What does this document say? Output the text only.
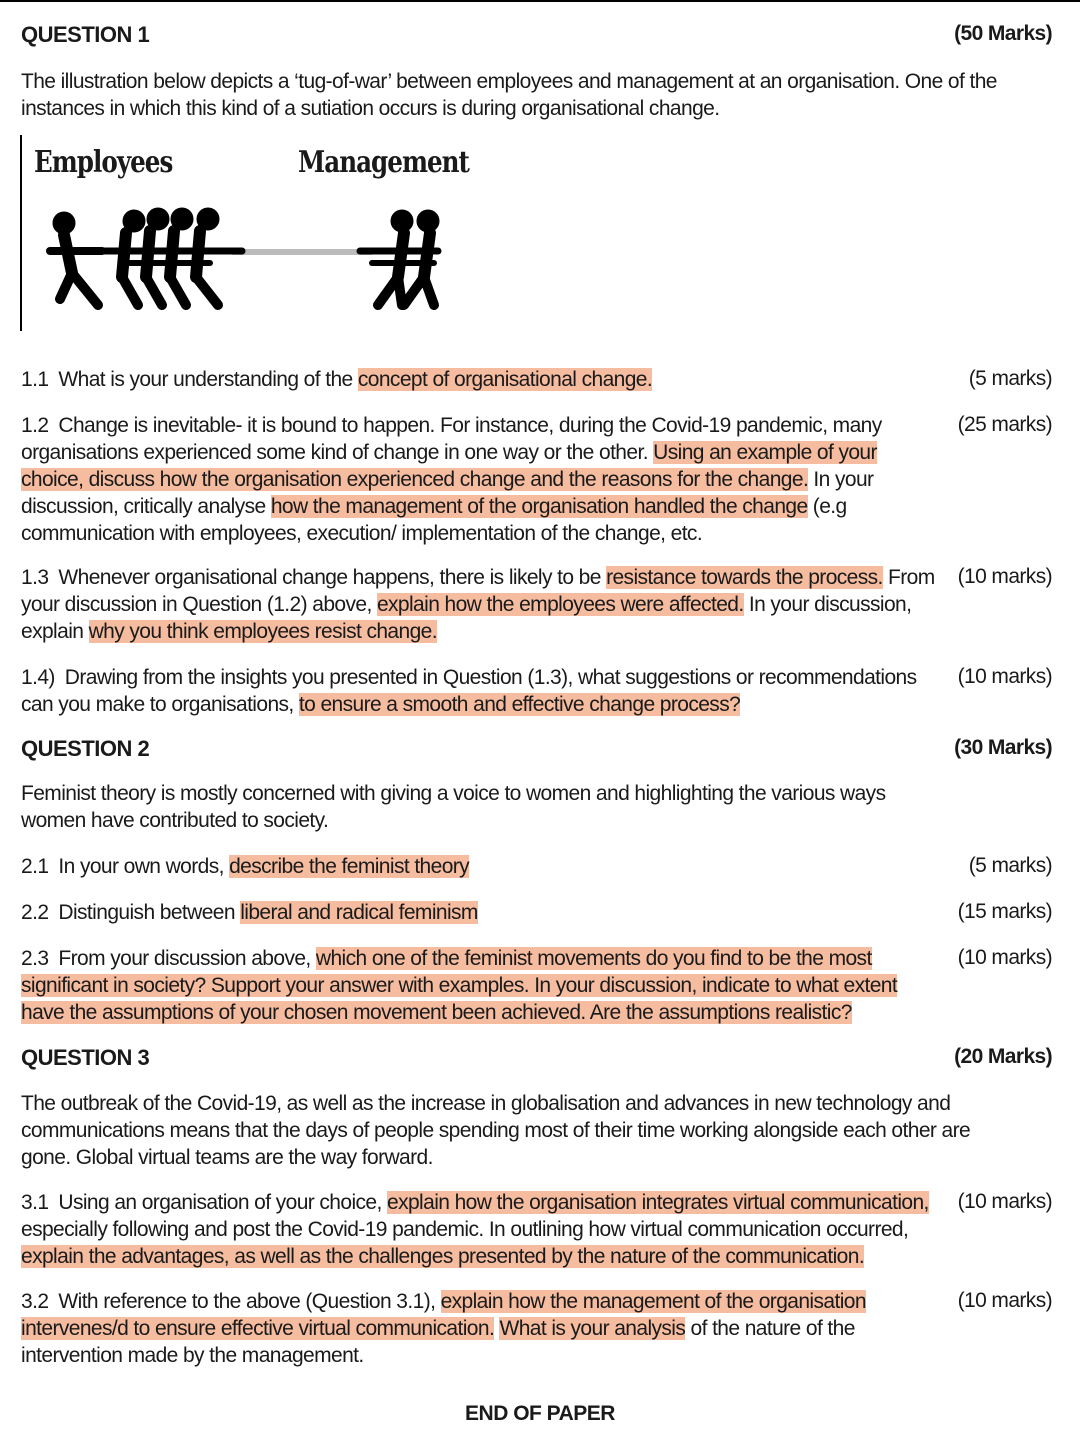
QUESTION 1	(50 Marks)
The illustration below depicts a ‘tug-of-war’ between employees and management at an organisation. One of the instances in which this kind of a sutiation occurs is during organisational change.
Employees	Management
1.1 What is your understanding of the concept of organisational change.	(5 marks)
1.2 Change is inevitable- it is bound to happen. For instance, during the Covid-19 pandemic, many organisations experienced some kind of change in one way or the other. Using an example of your choice, discuss how the organisation experienced change and the reasons for the change. In your discussion, critically analyse how the management of the organisation handled the change (e.g communication with employees, execution/ implementation of the change, etc.
(25 marks)
1.3 Whenever organisational change happens, there is likely to be resistance towards the process. From your discussion in Question (1.2) above, explain how the employees were affected. In your discussion, explain why you think employees resist change.
(10 marks)
1.4) Drawing from the insights you presented in Question (1.3), what suggestions or recommendations can you make to organisations, to ensure a smooth and effective change process?
(10 marks)
QUESTION 2	(30 Marks)
Feminist theory is mostly concerned with giving a voice to women and highlighting the various ways women have contributed to society.
2.1 In your own words, describe the feminist theory	(5 marks)
2.2 Distinguish between liberal and radical feminism	(15 marks)
2.3 From your discussion above, which one of the feminist movements do you find to be the most significant in society? Support your answer with examples. In your discussion, indicate to what extent have the assumptions of your chosen movement been achieved. Are the assumptions realistic?
(10 marks)
QUESTION 3	(20 Marks)
The outbreak of the Covid-19, as well as the increase in globalisation and advances in new technology and communications means that the days of people spending most of their time working alongside each other are gone. Global virtual teams are the way forward.
3.1 Using an organisation of your choice, explain how the organisation integrates virtual communication, especially following and post the Covid-19 pandemic. In outlining how virtual communication occurred, explain the advantages, as well as the challenges presented by the nature of the communication.
(10 marks)
3.2 With reference to the above (Question 3.1), explain how the management of the organisation intervenes/d to ensure effective virtual communication. What is your analysis of the nature of the intervention made by the management.
(10 marks)
END OF PAPER
